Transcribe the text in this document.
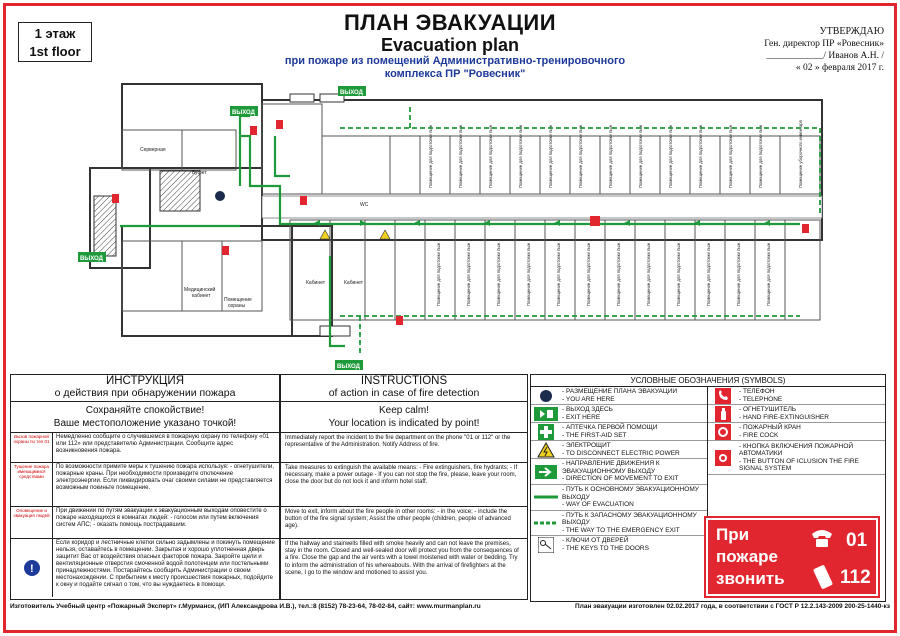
1 этаж
1st floor
ПЛАН ЭВАКУАЦИИ
Evacuation plan
при пожаре из помещений Административно-тренировочного
комплекса ПР "Ровесник"
УТВЕРЖДАЮ
Ген. директор ПР «Ровесник»
____________/ Иванов А.Н. /
« 02 » февраля 2017 г.
Серверная
Буфет
WC
Медицинский
кабинет
Помещение
охраны
Кабинет	Кабинет
Помещение для подготовки пыж	Помещение для подготовки пыж	Помещение для подготовки пыж	Помещение для подготовки пыж	Помещение для подготовки пыж	Помещение для подготовки пыж	Помещение для подготовки пыж	Помещение для подготовки пыж	Помещение для подготовки пыж	Помещение для подготовки пыж	Помещение для подготовки пыж	Помещение для подготовки пыж	Помещение уборочного инвентаря
Помещение для подготовки пыж	Помещение для подготовки пыж	Помещение для подготовки пыж	Помещение для подготовки пыж	Помещение для подготовки пыж	Помещение для подготовки пыж	Помещение для подготовки пыж	Помещение для подготовки пыж	Помещение для подготовки пыж	Помещение для подготовки пыж	Помещение для подготовки пыж	Помещение для подготовки пыж
ВЫХОД
ВЫХОД
ВЫХОД
ВЫХОД
ИНСТРУКЦИЯ
о действия при обнаружении пожара
Сохраняйте спокойствие!
Ваше местоположение указано точкой!
Вызов пожарной охраны по тел 01
Немедленно сообщите о случившемся в пожарную охрану по телефону «01 или 112» или представителю Администрации. Сообщите адрес возникновения пожара.
Тушение пожара имеющимися средствами
По возможности примите меры к тушению пожара используя: - огнетушители, пожарные краны. При необходимости произведите отключение электроэнергии. Если ликвидировать очаг своими силами не представляется возможным покиньте помещение.
Оповещение и эвакуация людей
При движении по путям эвакуации к эвакуационным выходам оповестите о пожаре находящихся в комнатах людей: - голосом или путем включения систем АПС; - оказать помощь пострадавшим.
!
Если коридор и лестничные клетки сильно задымлены и покинуть помещение нельзя, оставайтесь в помещении. Закрытая и хорошо уплотненная дверь защитит Вас от воздействия опасных факторов пожара. Закройте щели и вентиляционные отверстия смоченной водой полотенцем или постельными принадлежностями. Постарайтесь сообщить Администрации о своем местонахождении. С прибытием к месту происшествия пожарных, подойдите к окну и подайте сигнал о том, что вы нуждаетесь в помощи.
INSTRUCTIONS
of action in case of fire detection
Keep calm!
Your location is indicated by point!
Immediately report the incident to the fire department on the phone "01 or 112" or the representative of the Administration. Notify Address of fire.
Take measures to extinguish the available means: - Fire extinguishers, fire hydrants; - If necessary, make a power outage - If you can not stop the fire, please, leave your room, close the door but do not lock it and inform hotel staff.
Move to exit, inform about the fire people in other rooms: - in the voice; - include the button of the fire signal system; Assist the other people (children, people of advanced age).
If the hallway and stairwells filled with smoke heavily and can not leave the premises, stay in the room. Closed and well-sealed door will protect you from the consequences of a fire. Close the gap and the air vents with a towel moistened with water or bedding. Try to inform the administration of his whereabouts. With the arrival of firefighters at the scene, I go to the window and motioned to assist you.
УСЛОВНЫЕ ОБОЗНАЧЕНИЯ (SYMBOLS)
- РАЗМЕЩЕНИЕ ПЛАНА ЭВАКУАЦИИ
- YOU ARE HERE
- ВЫХОД ЗДЕСЬ
- EXIT HERE
- АПТЕЧКА ПЕРВОЙ ПОМОЩИ
- THE FIRST-AID SET
- ЭЛЕКТРОЩИТ
- TO DISCONNECT ELECTRIC POWER
- НАПРАВЛЕНИЕ ДВИЖЕНИЯ К ЭВАКУАЦИОННОМУ ВЫХОДУ
- DIRECTION OF MOVEMENT TO EXIT
- ПУТЬ К ОСНОВНОМУ ЭВАКУАЦИОННОМУ ВЫХОДУ
- WAY OF EVACUATION
- ПУТЬ К ЗАПАСНОМУ ЭВАКУАЦИОННОМУ ВЫХОДУ
- THE WAY TO THE EMERGENCY EXIT
- КЛЮЧИ ОТ ДВЕРЕЙ
- THE KEYS TO THE DOORS
- ТЕЛЕФОН
- TELEPHONE
- ОГНЕТУШИТЕЛЬ
- HAND FIRE-EXTINGUISHER
- ПОЖАРНЫЙ КРАН
- FIRE COCK
- КНОПКА ВКЛЮЧЕНИЯ ПОЖАРНОЙ АВТОМАТИКИ
- THE BUTTON OF ICLUSION THE FIRE SIGNAL SYSTEM
При
пожаре
звонить
01
112
Изготовитель Учебный центр «Пожарный Эксперт» г.Мурманск, (ИП Александрова И.В.), тел.:8 (8152) 78-23-64, 78-02-84, сайт: www.murmanplan.ru	План эвакуации изготовлен 02.02.2017 года, в соответствии с ГОСТ Р 12.2.143-2009 200-25-1440-кз
